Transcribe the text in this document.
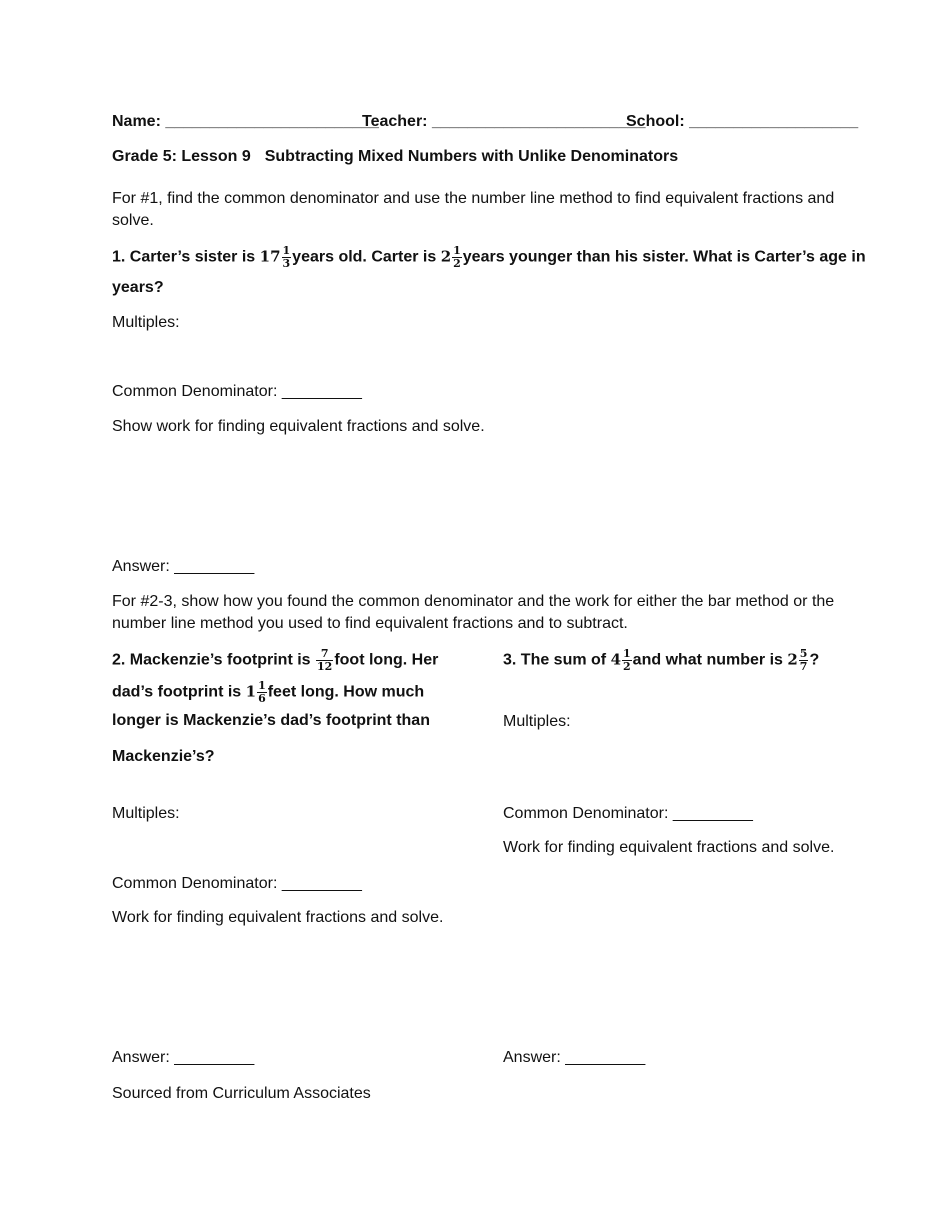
Name: ________________________
Teacher: ________________________
School: ___________________
Grade 5: Lesson 9 Subtracting Mixed Numbers with Unlike Denominators
For #1, find the common denominator and use the number line method to find equivalent fractions and solve.
1. Carter’s sister is $17 \frac{1}{3}$ years old. Carter is $2 \frac{1}{2}$ years younger than his sister. What is Carter’s age in
years?
Multiples:
Common Denominator: _________
Show work for finding equivalent fractions and solve.
Answer: _________
For #2-3, show how you found the common denominator and the work for either the bar method or the number line method you used to find equivalent fractions and to subtract.
2. Mackenzie’s footprint is $\frac{7}{12}$ foot long. Her
dad’s footprint is $1 \frac{1}{6}$ feet long. How much
longer is Mackenzie’s dad’s footprint than
Mackenzie’s?
Multiples:
Common Denominator: _________
Work for finding equivalent fractions and solve.
Answer: _________
3. The sum of $4 \frac{1}{2}$ and what number is $2 \frac{5}{7}$ ?
Multiples:
Common Denominator: _________
Work for finding equivalent fractions and solve.
Answer: _________
Sourced from Curriculum Associates
